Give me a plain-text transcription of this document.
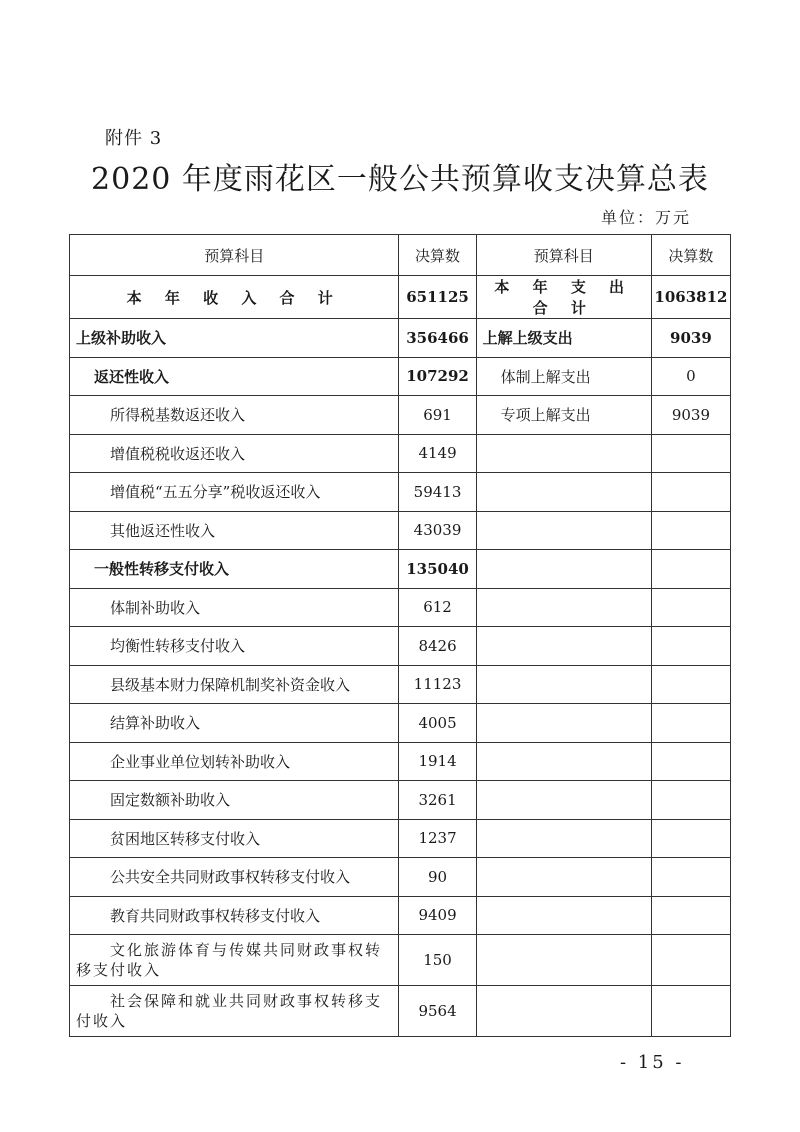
附件 3
2020 年度雨花区一般公共预算收支决算总表
单位：万元
预算科目	决算数	预算科目	决算数
本 年 收 入 合 计	651125	本 年 支 出 合 计	1063812
上级补助收入	356466	上解上级支出	9039
返还性收入	107292	体制上解支出	0
所得税基数返还收入	691	专项上解支出	9039
增值税税收返还收入	4149		
增值税“五五分享”税收返还收入	59413		
其他返还性收入	43039		
一般性转移支付收入	135040		
体制补助收入	612		
均衡性转移支付收入	8426		
县级基本财力保障机制奖补资金收入	11123		
结算补助收入	4005		
企业事业单位划转补助收入	1914		
固定数额补助收入	3261		
贫困地区转移支付收入	1237		
公共安全共同财政事权转移支付收入	90		
教育共同财政事权转移支付收入	9409		
文化旅游体育与传媒共同财政事权转移支付收入	150		
社会保障和就业共同财政事权转移支付收入	9564		
- 15 -
